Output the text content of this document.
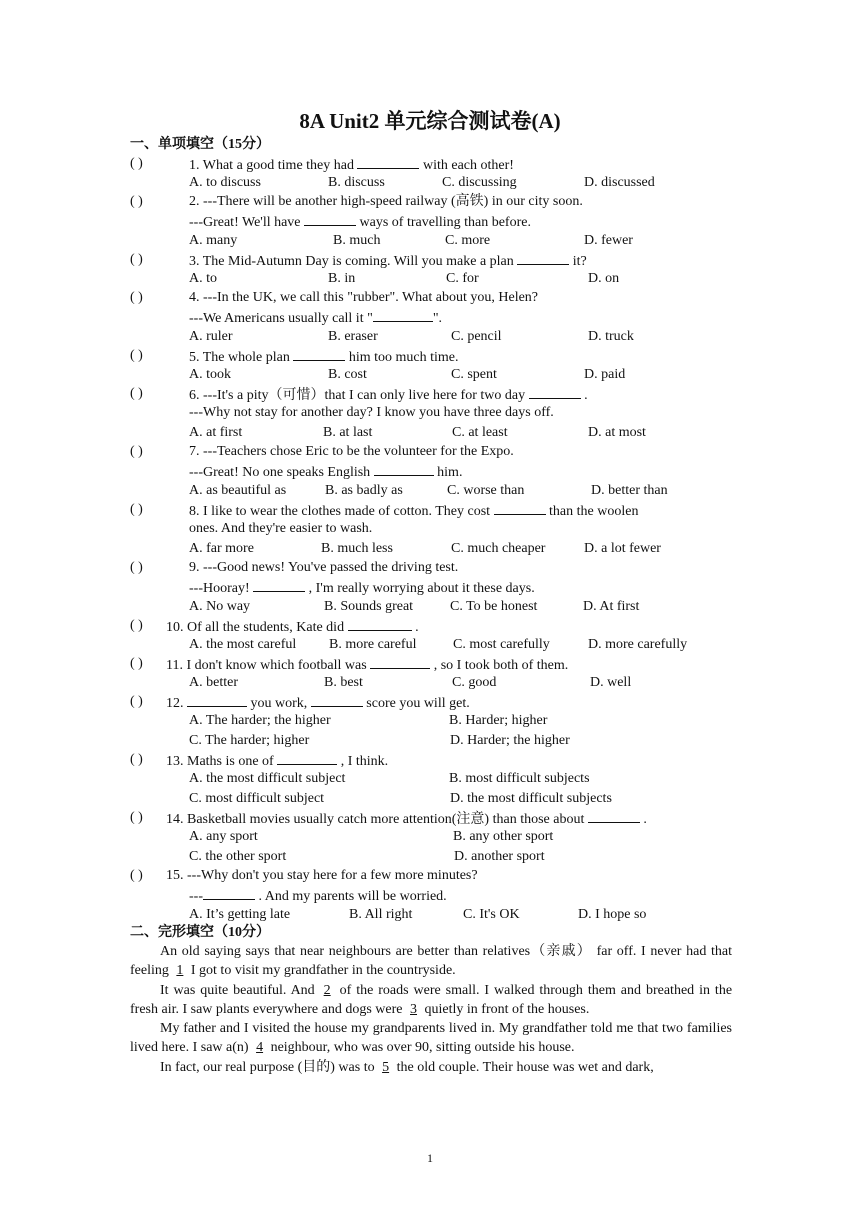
8A Unit2 单元综合测试卷(A)
一、单项填空（15分）
( )	1. What a good time they had	with each other!
A. to discuss	B. discuss	C. discussing	D. discussed
( )	2. ---There will be another high-speed railway (高铁) in our city soon.
---Great! We'll have	ways of travelling than before.
A. many	B. much	C. more	D. fewer
( )	3. The Mid-Autumn Day is coming. Will you make a plan	it?
A. to	B. in	C. for	D. on
( )	4. ---In the UK, we call this "rubber". What about you, Helen?
---We Americans usually call it "	".
A. ruler	B. eraser	C. pencil	D. truck
( )	5. The whole plan	him too much time.
A. took	B. cost	C. spent	D. paid
( )	6. ---It's a pity（可惜）that I can only live here for two day	.
---Why not stay for another day? I know you have three days off.
A. at first	B. at last	C. at least	D. at most
( )	7. ---Teachers chose Eric to be the volunteer for the Expo.
---Great! No one speaks English	him.
A. as beautiful as	B. as badly as	C. worse than	D. better than
( )	8. I like to wear the clothes made of cotton. They cost	than the woolen
ones. And they're easier to wash.
A. far more	B. much less	C. much cheaper	D. a lot fewer
( )	9. ---Good news! You've passed the driving test.
---Hooray!	, I'm really worrying about it these days.
A. No way	B. Sounds great	C. To be honest	D. At first
( ) 10. Of all the students, Kate did	.
A. the most careful B. more careful	C. most carefully	D. more carefully
( ) 11. I don't know which football was	, so I took both of them.
A. better	B. best	C. good	D. well
( ) 12.	you work,	score you will get.
A. The harder; the higher	B. Harder; higher
C. The harder; higher	D. Harder; the higher
( ) 13. Maths is one of	, I think.
A. the most difficult subject	B. most difficult subjects
C. most difficult subject	D. the most difficult subjects
( ) 14. Basketball movies usually catch more attention(注意) than those about	.
A. any sport	B. any other sport
C. the other sport	D. another sport
( ) 15. ---Why don't you stay here for a few more minutes?
---	. And my parents will be worried.
A. It’s getting late	B. All right	C. It's OK	D. I hope so
二、完形填空（10分）

An old saying says that near neighbours are better than relatives（亲戚） far off. I never had that feeling 1 I got to visit my grandfather in the countryside.

It was quite beautiful. And 2 of the roads were small. I walked through them and breathed in the fresh air. I saw plants everywhere and dogs were 3 quietly in front of the houses.

My father and I visited the house my grandparents lived in. My grandfather told me that two families lived here. I saw a(n) 4 neighbour, who was over 90, sitting outside his house.

In fact, our real purpose (目的) was to 5 the old couple. Their house was wet and dark,

1
